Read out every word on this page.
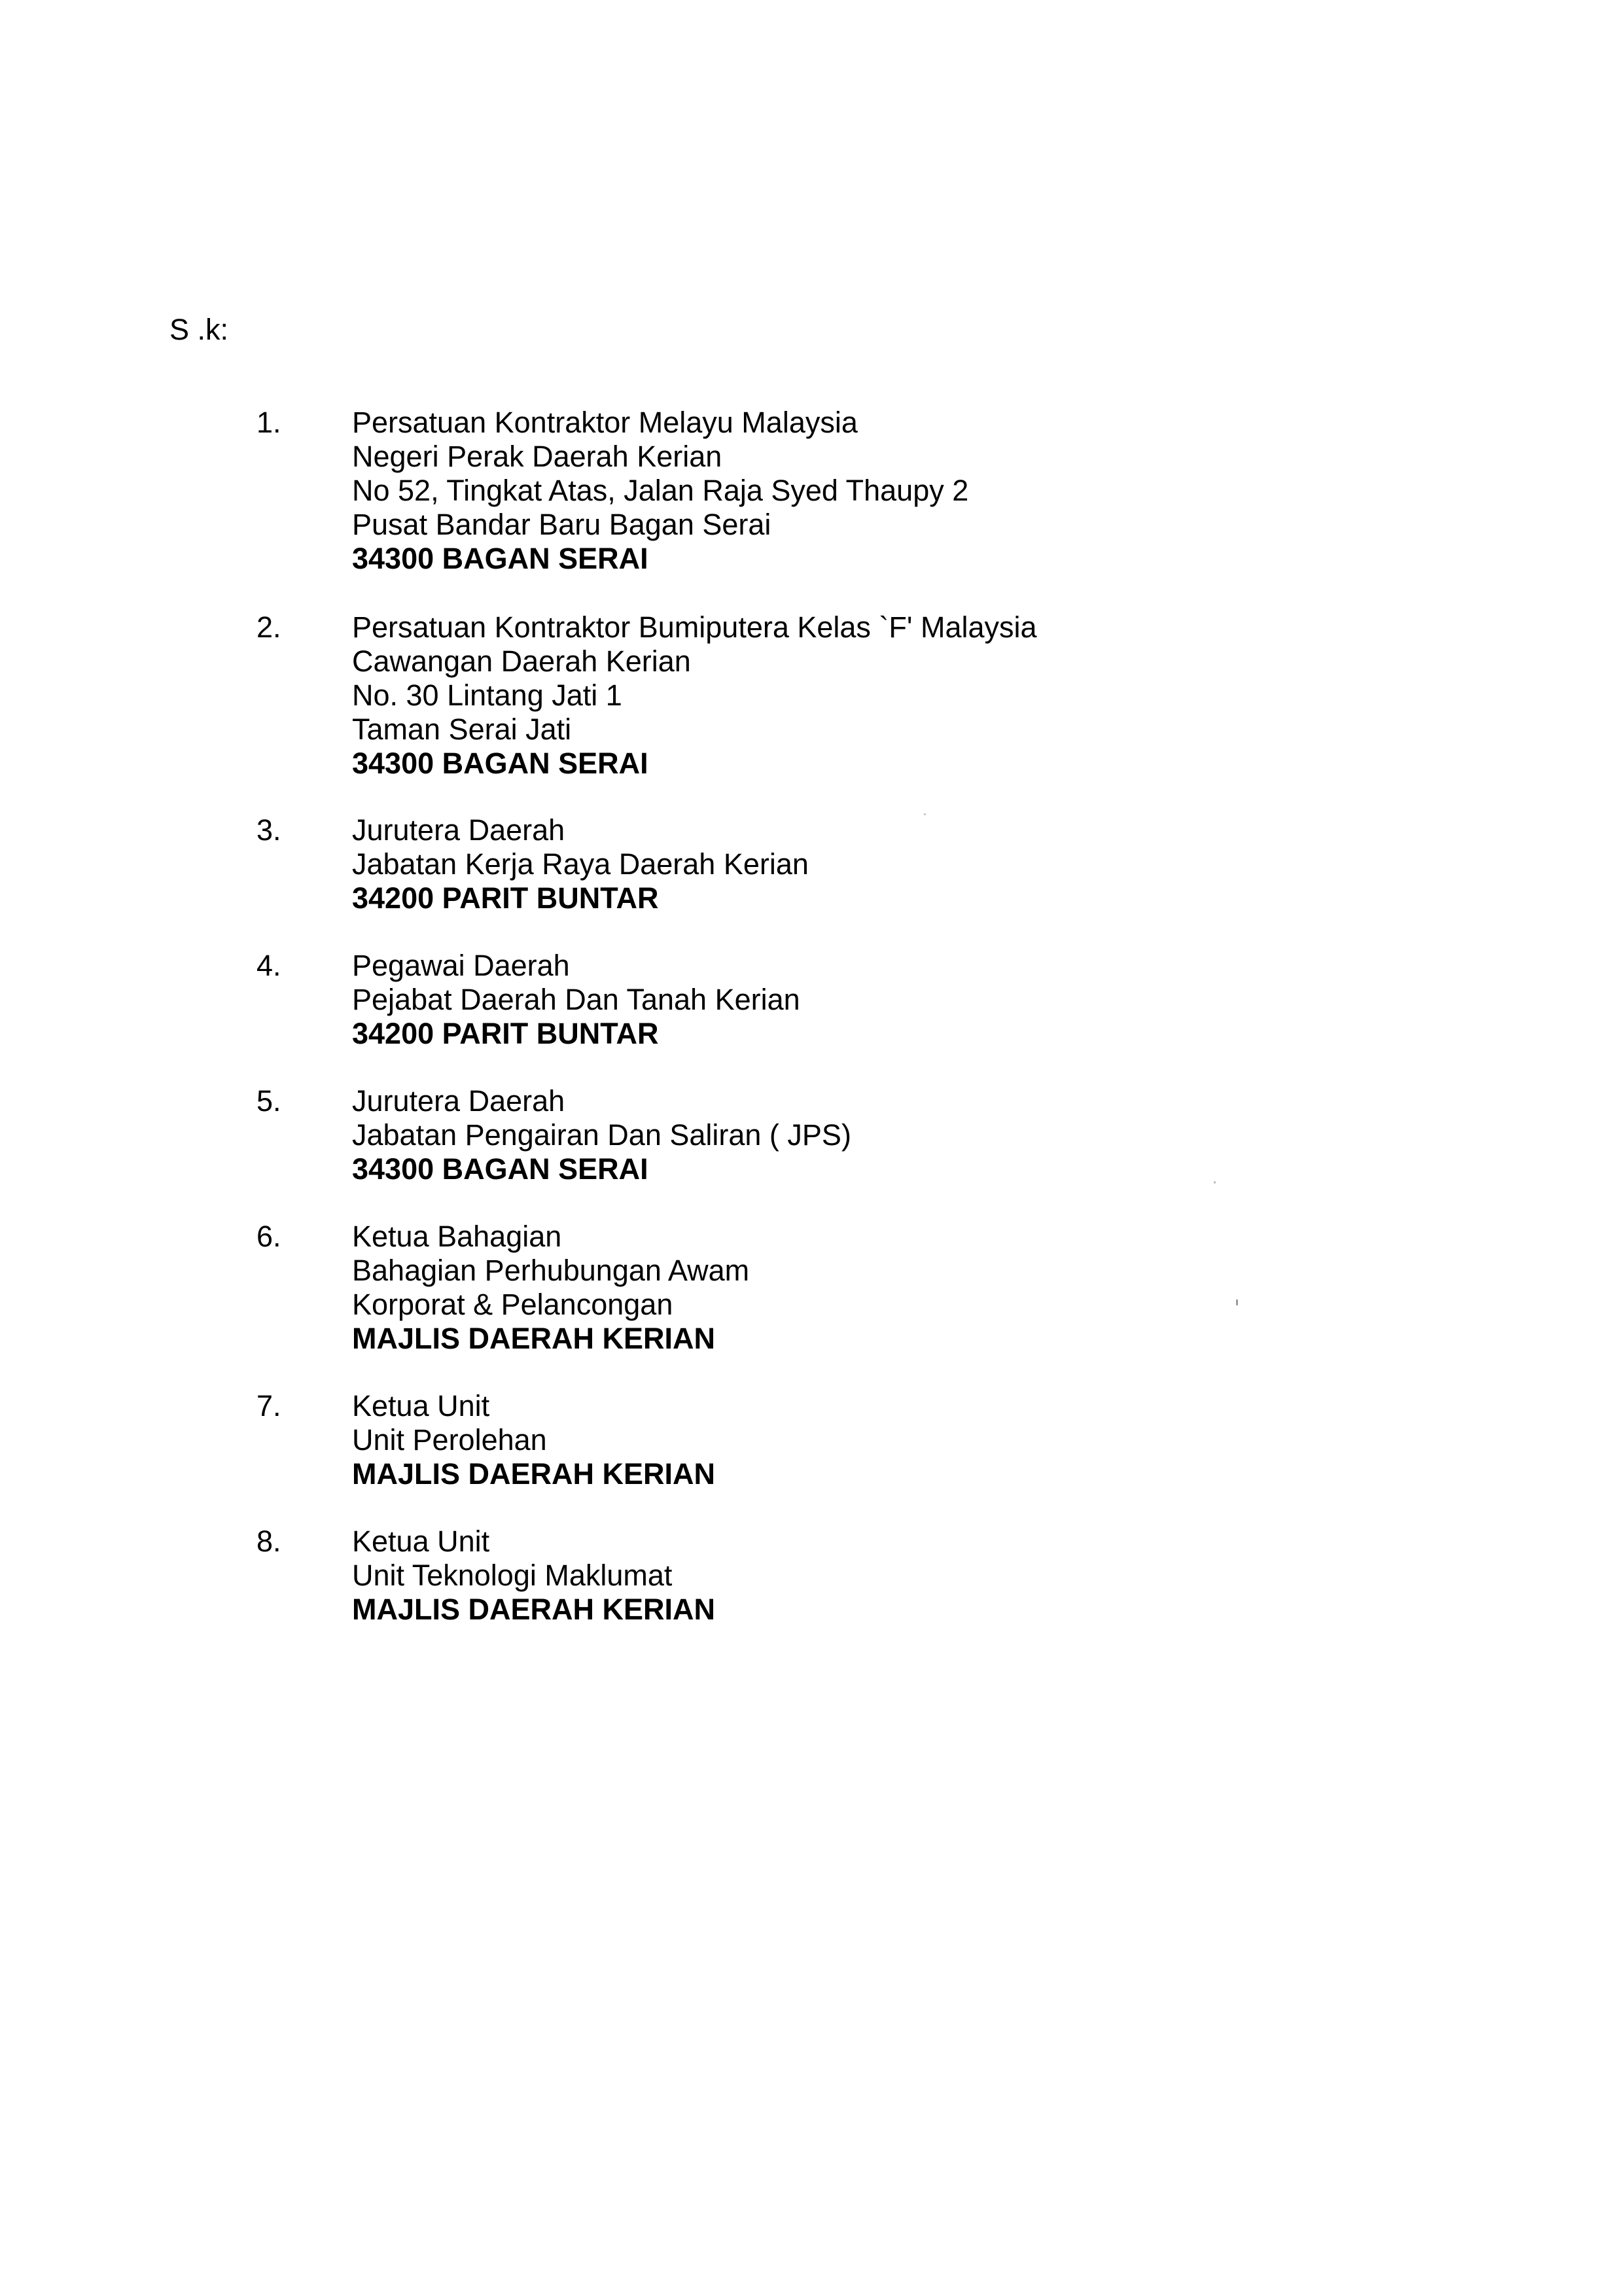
S .k:
1. Persatuan Kontraktor Melayu Malaysia
Negeri Perak Daerah Kerian
No 52, Tingkat Atas, Jalan Raja Syed Thaupy 2
Pusat Bandar Baru Bagan Serai
34300 BAGAN SERAI
2. Persatuan Kontraktor Bumiputera Kelas `F' Malaysia
Cawangan Daerah Kerian
No. 30 Lintang Jati 1
Taman Serai Jati
34300 BAGAN SERAI
3. Jurutera Daerah
Jabatan Kerja Raya Daerah Kerian
34200 PARIT BUNTAR
4. Pegawai Daerah
Pejabat Daerah Dan Tanah Kerian
34200 PARIT BUNTAR
5. Jurutera Daerah
Jabatan Pengairan Dan Saliran ( JPS)
34300 BAGAN SERAI
6. Ketua Bahagian
Bahagian Perhubungan Awam
Korporat & Pelancongan
MAJLIS DAERAH KERIAN
7. Ketua Unit
Unit Perolehan
MAJLIS DAERAH KERIAN
8. Ketua Unit
Unit Teknologi Maklumat
MAJLIS DAERAH KERIAN
